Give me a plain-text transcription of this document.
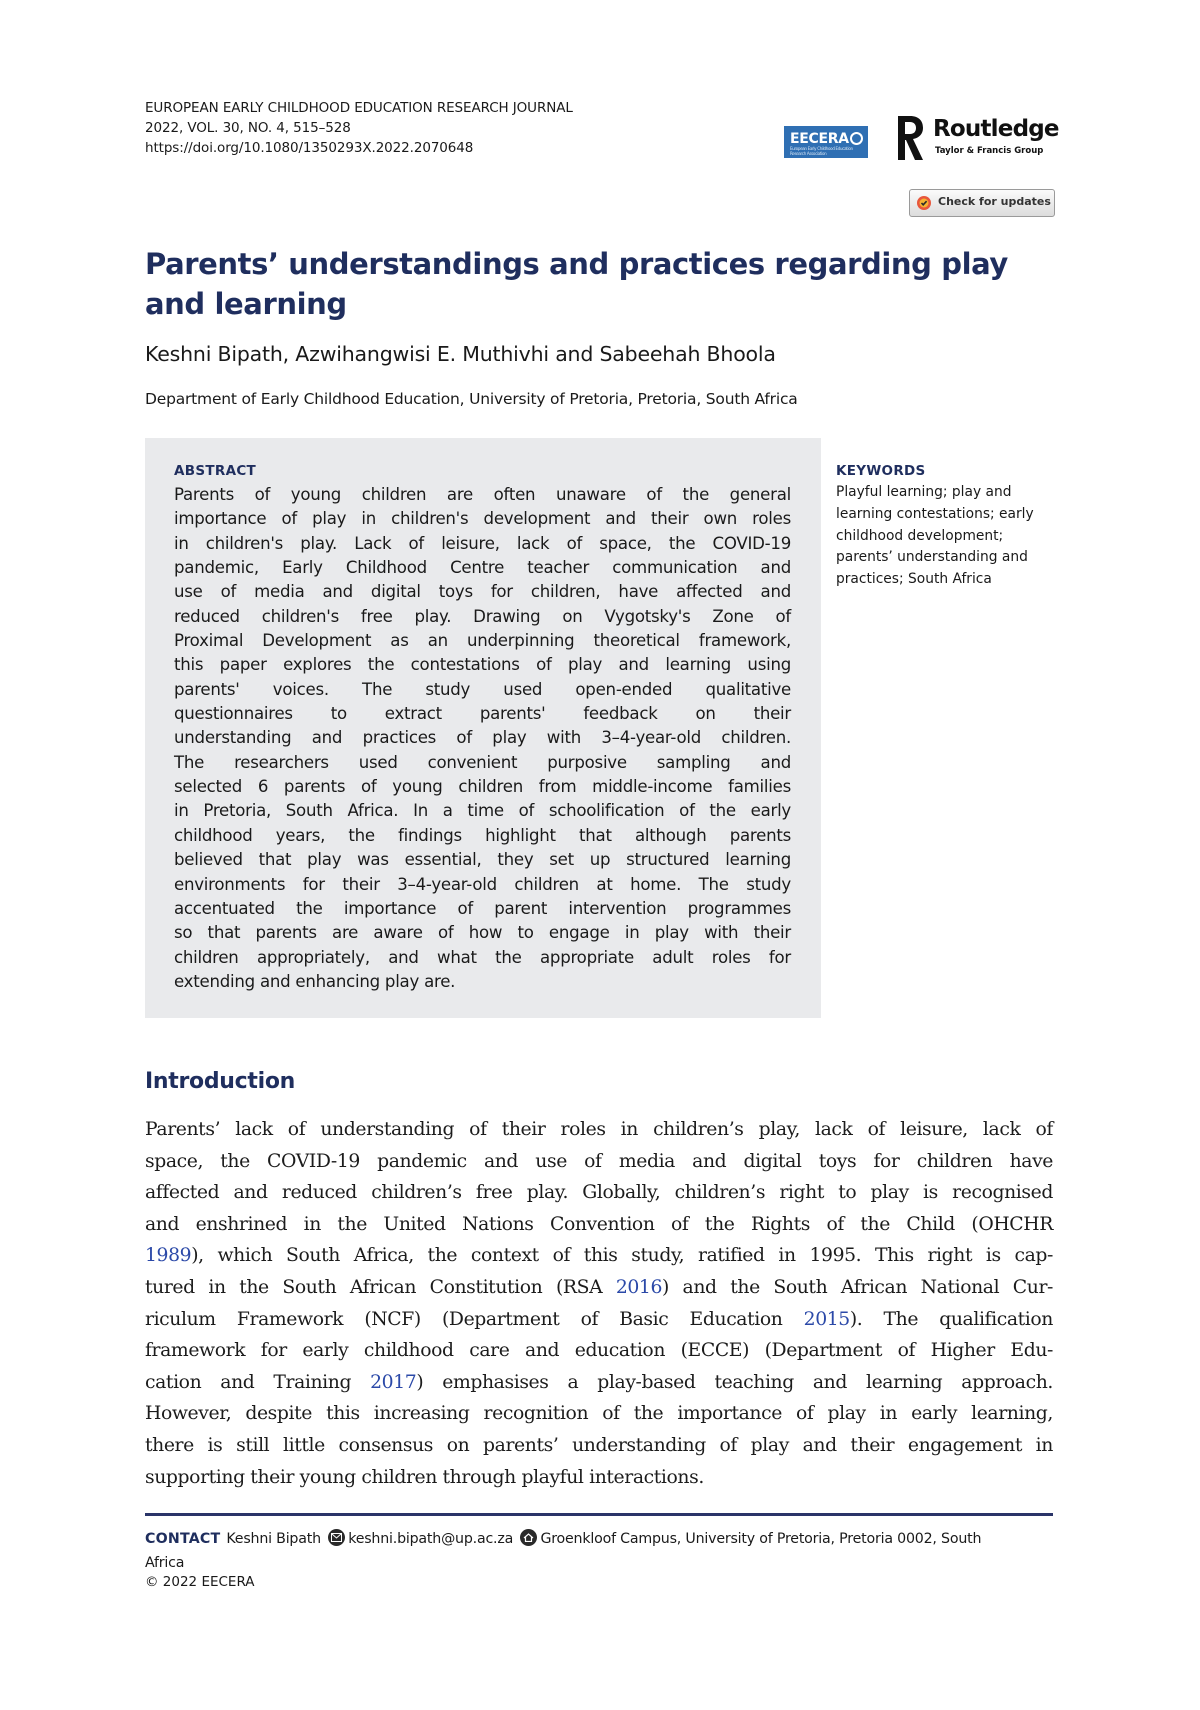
EUROPEAN EARLY CHILDHOOD EDUCATION RESEARCH JOURNAL
2022, VOL. 30, NO. 4, 515–528
https://doi.org/10.1080/1350293X.2022.2070648
EECERA
European Early Childhood Education Research Association
Routledge
Taylor & Francis Group
Check for updates
Parents’ understandings and practices regarding play and learning
Keshni Bipath, Azwihangwisi E. Muthivhi and Sabeehah Bhoola
Department of Early Childhood Education, University of Pretoria, Pretoria, South Africa
ABSTRACT
Parents of young children are often unaware of the general
importance of play in children's development and their own roles
in children's play. Lack of leisure, lack of space, the COVID-19
pandemic, Early Childhood Centre teacher communication and
use of media and digital toys for children, have affected and
reduced children's free play. Drawing on Vygotsky's Zone of
Proximal Development as an underpinning theoretical framework,
this paper explores the contestations of play and learning using
parents' voices. The study used open-ended qualitative
questionnaires to extract parents' feedback on their
understanding and practices of play with 3–4-year-old children.
The researchers used convenient purposive sampling and
selected 6 parents of young children from middle-income families
in Pretoria, South Africa. In a time of schoolification of the early
childhood years, the findings highlight that although parents
believed that play was essential, they set up structured learning
environments for their 3–4-year-old children at home. The study
accentuated the importance of parent intervention programmes
so that parents are aware of how to engage in play with their
children appropriately, and what the appropriate adult roles for
extending and enhancing play are.
KEYWORDS
Playful learning; play and
learning contestations; early
childhood development;
parents’ understanding and
practices; South Africa
Introduction
Parents’ lack of understanding of their roles in children’s play, lack of leisure, lack of
space, the COVID-19 pandemic and use of media and digital toys for children have
affected and reduced children’s free play. Globally, children’s right to play is recognised
and enshrined in the United Nations Convention of the Rights of the Child (OHCHR
1989), which South Africa, the context of this study, ratified in 1995. This right is cap-
tured in the South African Constitution (RSA 2016) and the South African National Cur-
riculum Framework (NCF) (Department of Basic Education 2015). The qualification
framework for early childhood care and education (ECCE) (Department of Higher Edu-
cation and Training 2017) emphasises a play-based teaching and learning approach.
However, despite this increasing recognition of the importance of play in early learning,
there is still little consensus on parents’ understanding of play and their engagement in
supporting their young children through playful interactions.
CONTACT Keshni Bipath keshni.bipath@up.ac.za Groenkloof Campus, University of Pretoria, Pretoria 0002, South
Africa
© 2022 EECERA
